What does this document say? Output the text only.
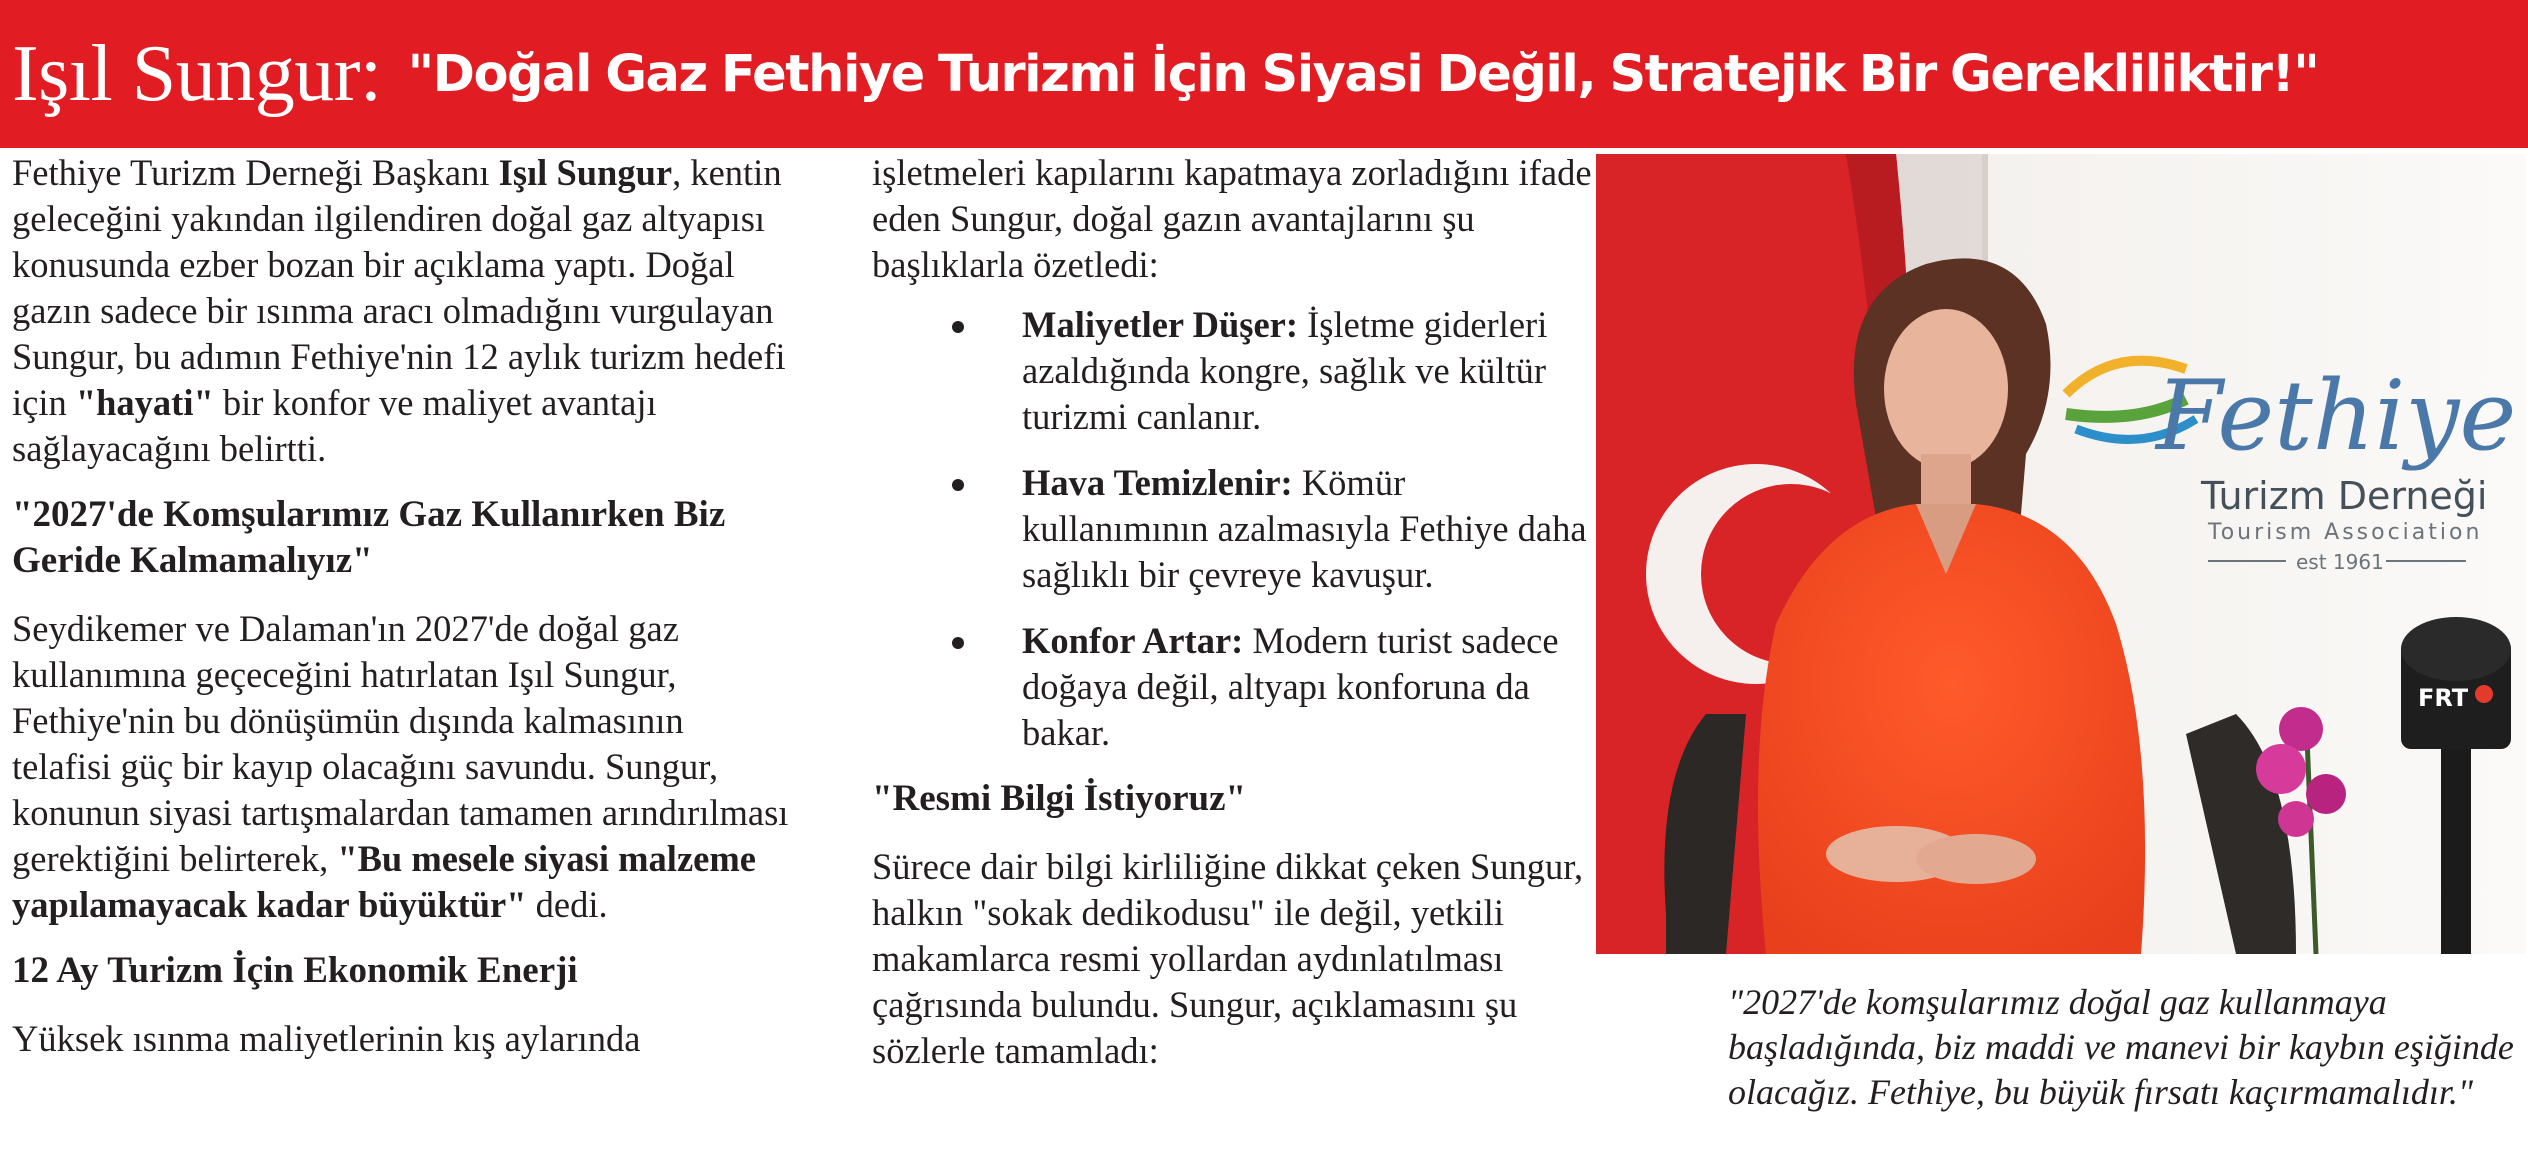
Işıl Sungur: "Doğal Gaz Fethiye Turizmi İçin Siyasi Değil, Stratejik Bir Gerekliliktir!"

Fethiye Turizm Derneği Başkanı Işıl Sungur, kentin geleceğini yakından ilgilendiren doğal gaz altyapısı konusunda ezber bozan bir açıklama yaptı. Doğal gazın sadece bir ısınma aracı olmadığını vurgulayan Sungur, bu adımın Fethiye'nin 12 aylık turizm hedefi için "hayati" bir konfor ve maliyet avantajı sağlayacağını belirtti.

"2027'de Komşularımız Gaz Kullanırken Biz Geride Kalmamalıyız"

Seydikemer ve Dalaman'ın 2027'de doğal gaz kullanımına geçeceğini hatırlatan Işıl Sungur, Fethiye'nin bu dönüşümün dışında kalmasının telafisi güç bir kayıp olacağını savundu. Sungur, konunun siyasi tartışmalardan tamamen arındırılması gerektiğini belirterek, "Bu mesele siyasi malzeme yapılamayacak kadar büyüktür" dedi.

12 Ay Turizm İçin Ekonomik Enerji

Yüksek ısınma maliyetlerinin kış aylarında

işletmeleri kapılarını kapatmaya zorladığını ifade eden Sungur, doğal gazın avantajlarını şu başlıklarla özetledi:

Maliyetler Düşer: İşletme giderleri azaldığında kongre, sağlık ve kültür turizmi canlanır.
Hava Temizlenir: Kömür kullanımının azalmasıyla Fethiye daha sağlıklı bir çevreye kavuşur.
Konfor Artar: Modern turist sadece doğaya değil, altyapı konforuna da bakar.
"Resmi Bilgi İstiyoruz"

Sürece dair bilgi kirliliğine dikkat çeken Sungur, halkın "sokak dedikodusu" ile değil, yetkili makamlarca resmi yollardan aydınlatılması çağrısında bulundu. Sungur, açıklamasını şu sözlerle tamamladı:

Fethiye
Turizm Derneği
Tourism Association
est 1961
FRT
"2027'de komşularımız doğal gaz kullanmaya başladığında, biz maddi ve manevi bir kaybın eşiğinde olacağız. Fethiye, bu büyük fırsatı kaçırmamalıdır."
